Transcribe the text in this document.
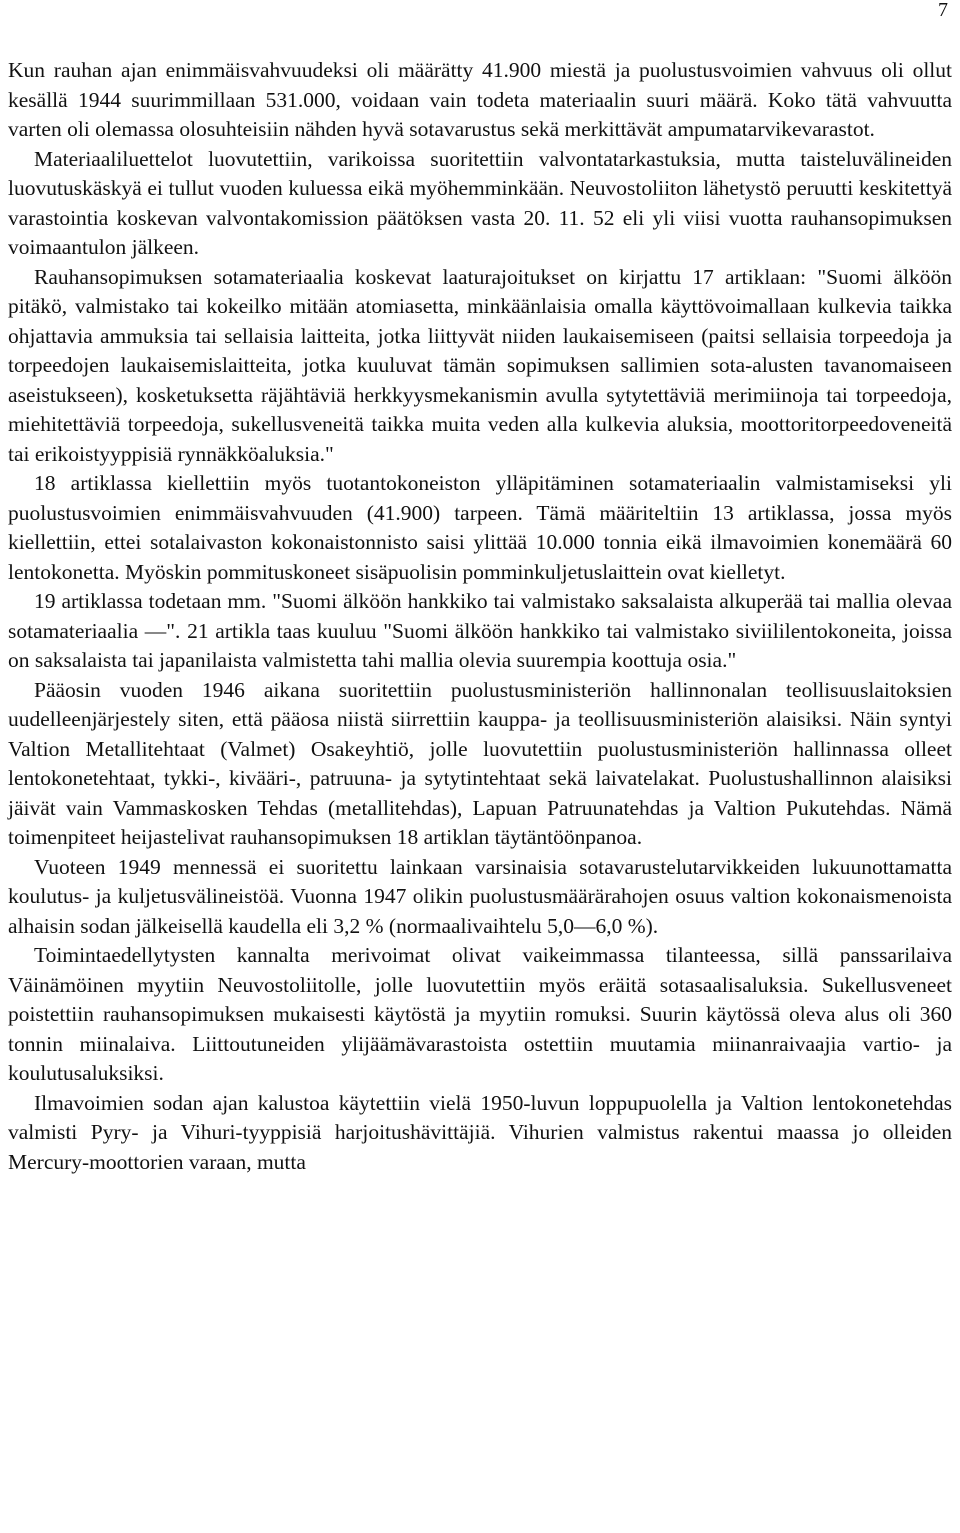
7

Kun rauhan ajan enimmäisvahvuudeksi oli määrätty 41.900 miestä ja puolustusvoimien vahvuus oli ollut kesällä 1944 suurimmillaan 531.000, voidaan vain todeta materiaalin suuri määrä. Koko tätä vahvuutta varten oli olemassa olosuhteisiin nähden hyvä sotavarustus sekä merkittävät ampumatarvikevarastot.

Materiaaliluettelot luovutettiin, varikoissa suoritettiin valvontatarkastuksia, mutta taisteluvälineiden luovutuskäskyä ei tullut vuoden kuluessa eikä myöhemminkään. Neuvostoliiton lähetystö peruutti keskitettyä varastointia koskevan valvontakomission päätöksen vasta 20. 11. 52 eli yli viisi vuotta rauhansopimuksen voimaantulon jälkeen.

Rauhansopimuksen sotamateriaalia koskevat laaturajoitukset on kirjattu 17 artiklaan: "Suomi älköön pitäkö, valmistako tai kokeilko mitään atomiasetta, minkäänlaisia omalla käyttövoimallaan kulkevia taikka ohjattavia ammuksia tai sellaisia laitteita, jotka liittyvät niiden laukaisemiseen (paitsi sellaisia torpeedoja ja torpeedojen laukaisemislaitteita, jotka kuuluvat tämän sopimuksen sallimien sota-alusten tavanomaiseen aseistukseen), kosketuksetta räjähtäviä herkkyysmekanismin avulla sytytettäviä merimiinoja tai torpeedoja, miehitettäviä torpeedoja, sukellusveneitä taikka muita veden alla kulkevia aluksia, moottoritorpeedoveneitä tai erikoistyyppisiä rynnäkköaluksia."

18 artiklassa kiellettiin myös tuotantokoneiston ylläpitäminen sotamateriaalin valmistamiseksi yli puolustusvoimien enimmäisvahvuuden (41.900) tarpeen. Tämä määriteltiin 13 artiklassa, jossa myös kiellettiin, ettei sotalaivaston kokonaistonnisto saisi ylittää 10.000 tonnia eikä ilmavoimien konemäärä 60 lentokonetta. Myöskin pommituskoneet sisäpuolisin pomminkuljetuslaittein ovat kielletyt.

19 artiklassa todetaan mm. "Suomi älköön hankkiko tai valmistako saksalaista alkuperää tai mallia olevaa sotamateriaalia —". 21 artikla taas kuuluu "Suomi älköön hankkiko tai valmistako siviililentokoneita, joissa on saksalaista tai japanilaista valmistetta tahi mallia olevia suurempia koottuja osia."

Pääosin vuoden 1946 aikana suoritettiin puolustusministeriön hallinnonalan teollisuuslaitoksien uudelleenjärjestely siten, että pääosa niistä siirrettiin kauppa- ja teollisuusministeriön alaisiksi. Näin syntyi Valtion Metallitehtaat (Valmet) Osakeyhtiö, jolle luovutettiin puolustusministeriön hallinnassa olleet lentokonetehtaat, tykki-, kivääri-, patruuna- ja sytytintehtaat sekä laivatelakat. Puolustushallinnon alaisiksi jäivät vain Vammaskosken Tehdas (metallitehdas), Lapuan Patruunatehdas ja Valtion Pukutehdas. Nämä toimenpiteet heijastelivat rauhansopimuksen 18 artiklan täytäntöönpanoa.

Vuoteen 1949 mennessä ei suoritettu lainkaan varsinaisia sotavarustelutarvikkeiden lukuunottamatta koulutus- ja kuljetusvälineistöä. Vuonna 1947 olikin puolustusmäärärahojen osuus valtion kokonaismenoista alhaisin sodan jälkeisellä kaudella eli 3,2 % (normaalivaihtelu 5,0—6,0 %).

Toimintaedellytysten kannalta merivoimat olivat vaikeimmassa tilanteessa, sillä panssarilaiva Väinämöinen myytiin Neuvostoliitolle, jolle luovutettiin myös eräitä sotasaalisaluksia. Sukellusveneet poistettiin rauhansopimuksen mukaisesti käytöstä ja myytiin romuksi. Suurin käytössä oleva alus oli 360 tonnin miinalaiva. Liittoutuneiden ylijäämävarastoista ostettiin muutamia miinanraivaajia vartio- ja koulutusaluksiksi.

Ilmavoimien sodan ajan kalustoa käytettiin vielä 1950-luvun loppupuolella ja Valtion lentokonetehdas valmisti Pyry- ja Vihuri-tyyppisiä harjoitushävittäjiä. Vihurien valmistus rakentui maassa jo olleiden Mercury-moottorien varaan, mutta
